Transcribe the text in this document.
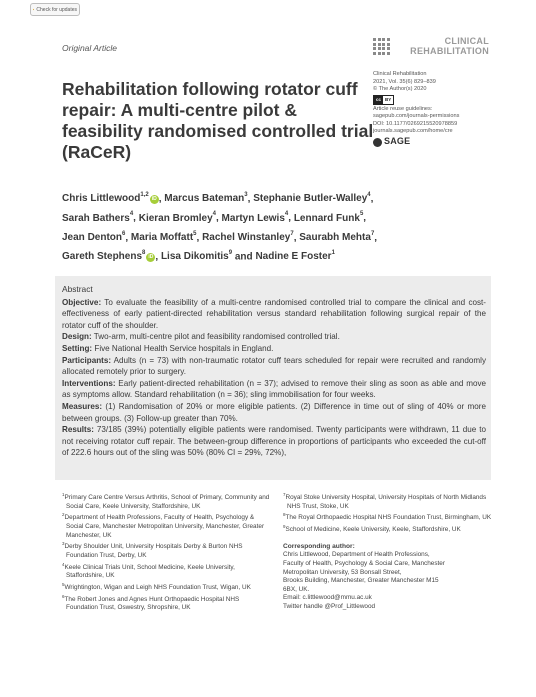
Check for updates
CLINICAL
REHABILITATION
Original Article
Rehabilitation following rotator cuff repair: A multi-centre pilot & feasibility randomised controlled trial (RaCeR)
Clinical Rehabilitation
2021, Vol. 35(6) 829–839
© The Author(s) 2020
cc BY
Article reuse guidelines:
sagepub.com/journals-permissions
DOI: 10.1177/0269215520978859
journals.sagepub.com/home/cre
SAGE
Chris Littlewood$^{1,2}$iD , Marcus Bateman$^3$, Stephanie Butler-Walley$^4$,
Sarah Bathers$^4$, Kieran Bromley$^4$, Martyn Lewis$^4$, Lennard Funk$^5$,
Jean Denton$^6$, Maria Moffatt$^5$, Rachel Winstanley$^7$, Saurabh Mehta$^7$,
Gareth Stephens$^8$iD , Lisa Dikomitis$^9$ and Nadine E Foster$^1$
Abstract

Objective: To evaluate the feasibility of a multi-centre randomised controlled trial to compare the clinical and cost-effectiveness of early patient-directed rehabilitation versus standard rehabilitation following surgical repair of the rotator cuff of the shoulder.

Design: Two-arm, multi-centre pilot and feasibility randomised controlled trial.

Setting: Five National Health Service hospitals in England.

Participants: Adults (n = 73) with non-traumatic rotator cuff tears scheduled for repair were recruited and randomly allocated remotely prior to surgery.

Interventions: Early patient-directed rehabilitation (n = 37); advised to remove their sling as soon as able and move as symptoms allow. Standard rehabilitation (n = 36); sling immobilisation for four weeks.

Measures: (1) Randomisation of 20% or more eligible patients. (2) Difference in time out of sling of 40% or more between groups. (3) Follow-up greater than 70%.

Results: 73/185 (39%) potentially eligible patients were randomised. Twenty participants were withdrawn, 11 due to not receiving rotator cuff repair. The between-group difference in proportions of participants who exceeded the cut-off of 222.6 hours out of the sling was 50% (80% CI = 29%, 72%),

$^1$Primary Care Centre Versus Arthritis, School of Primary, Community and Social Care, Keele University, Staffordshire, UK

$^2$Department of Health Professions, Faculty of Health, Psychology & Social Care, Manchester Metropolitan University, Manchester, Greater Manchester, UK

$^3$Derby Shoulder Unit, University Hospitals Derby & Burton NHS Foundation Trust, Derby, UK

$^4$Keele Clinical Trials Unit, School Medicine, Keele University, Staffordshire, UK

$^5$Wrightington, Wigan and Leigh NHS Foundation Trust, Wigan, UK

$^6$The Robert Jones and Agnes Hunt Orthopaedic Hospital NHS Foundation Trust, Oswestry, Shropshire, UK

$^7$Royal Stoke University Hospital, University Hospitals of North Midlands NHS Trust, Stoke, UK

$^8$The Royal Orthopaedic Hospital NHS Foundation Trust, Birmingham, UK

$^9$School of Medicine, Keele University, Keele, Staffordshire, UK

Corresponding author:
Chris Littlewood, Department of Health Professions,
Faculty of Health, Psychology & Social Care, Manchester
Metropolitan University, 53 Bonsall Street,
Brooks Building, Manchester, Greater Manchester M15
6BX, UK.
Email: c.littlewood@mmu.ac.uk
Twitter handle @Prof_Littlewood
